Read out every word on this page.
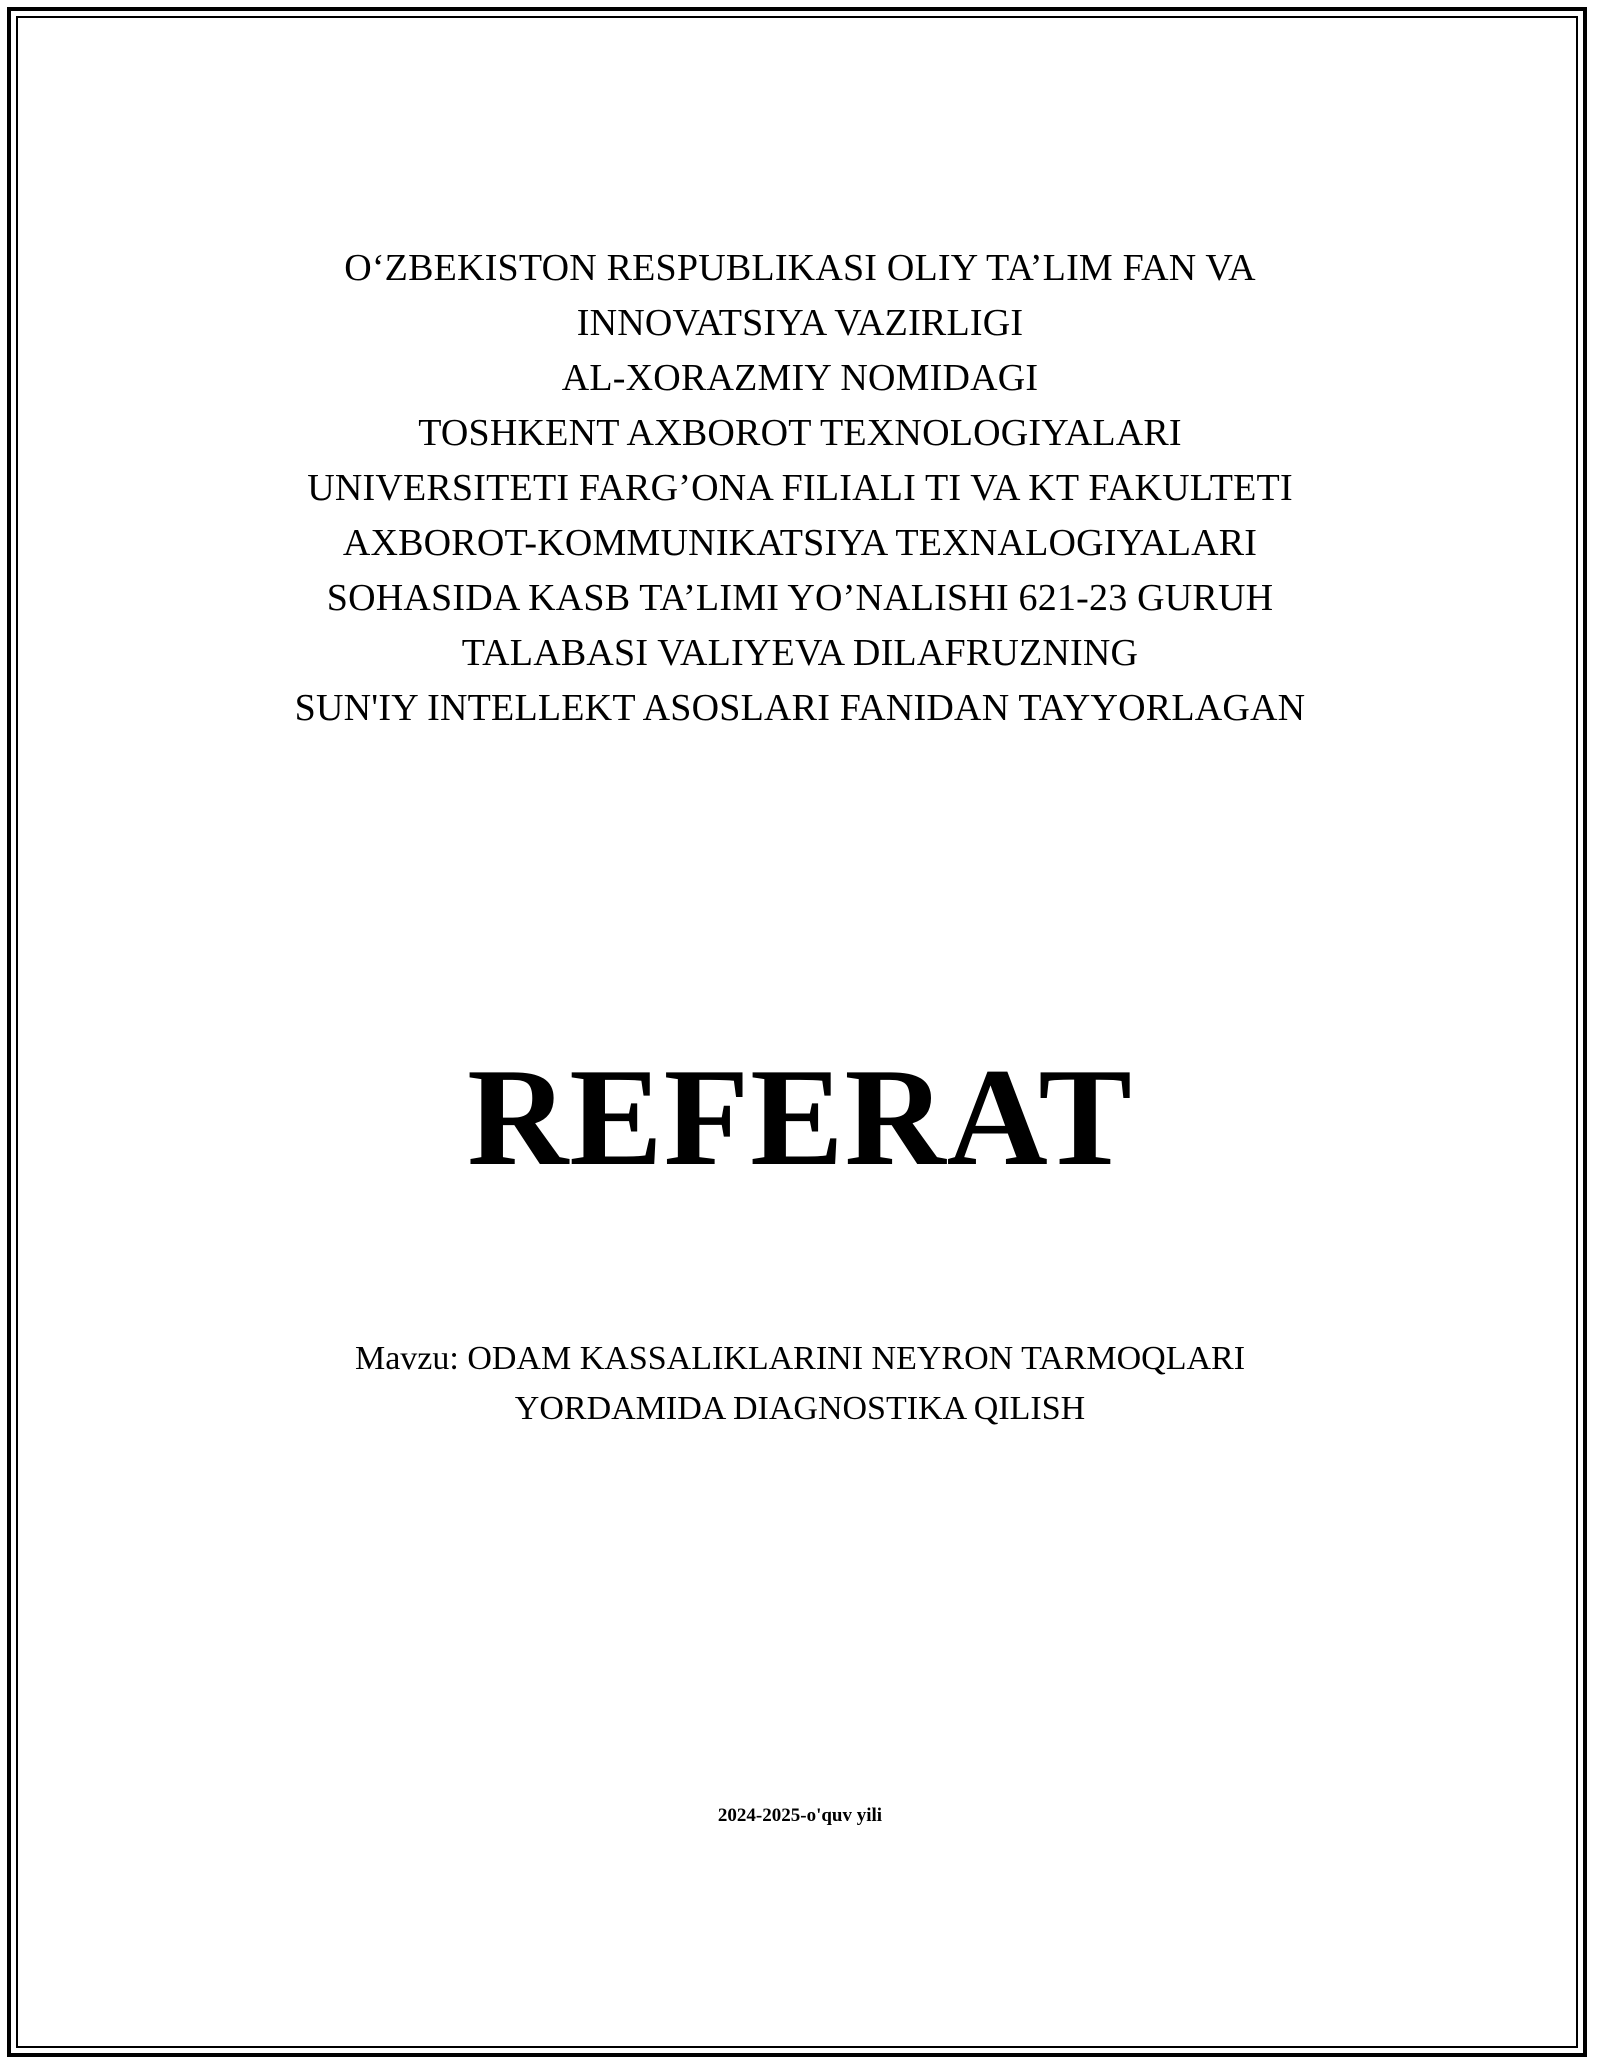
O‘ZBEKISTON RESPUBLIKASI OLIY TA’LIM FAN VA
INNOVATSIYA VAZIRLIGI
AL-XORAZMIY NOMIDAGI
TOSHKENT AXBOROT TEXNOLOGIYALARI
UNIVERSITETI FARG’ONA FILIALI TI VA KT FAKULTETI
AXBOROT-KOMMUNIKATSIYA TEXNALOGIYALARI
SOHASIDA KASB TA’LIMI YO’NALISHI 621-23 GURUH
TALABASI VALIYEVA DILAFRUZNING
SUN'IY INTELLEKT ASOSLARI FANIDAN TAYYORLAGAN
REFERAT
Mavzu: ODAM KASSALIKLARINI NEYRON TARMOQLARI
YORDAMIDA DIAGNOSTIKA QILISH
2024-2025-o'quv yili
